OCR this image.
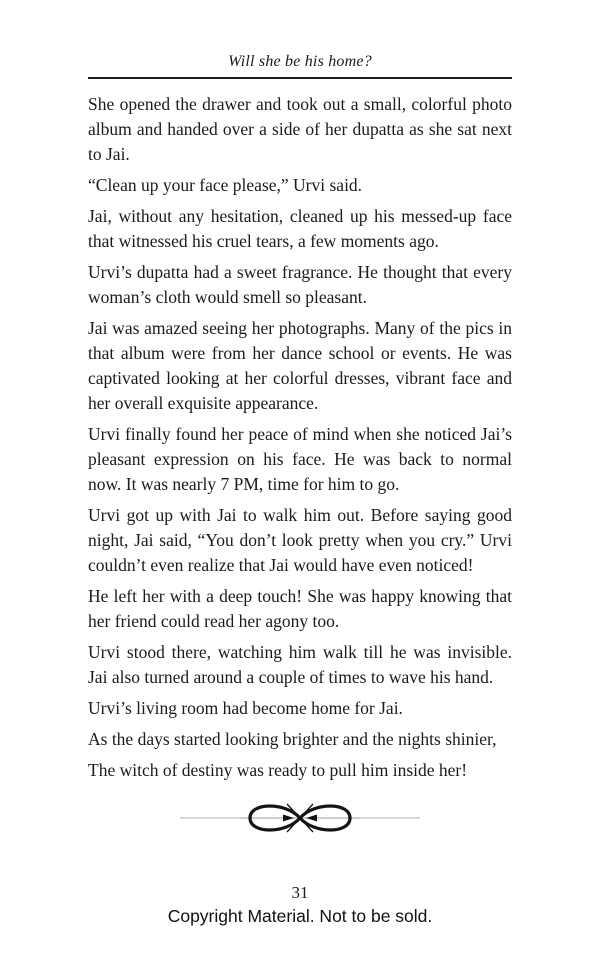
Will she be his home?

She opened the drawer and took out a small, colorful photo album and handed over a side of her dupatta as she sat next to Jai.

“Clean up your face please,” Urvi said.

Jai, without any hesitation, cleaned up his messed-up face that witnessed his cruel tears, a few moments ago.

Urvi’s dupatta had a sweet fragrance. He thought that every woman’s cloth would smell so pleasant.

Jai was amazed seeing her photographs. Many of the pics in that album were from her dance school or events. He was captivated looking at her colorful dresses, vibrant face and her overall exquisite appearance.

Urvi finally found her peace of mind when she noticed Jai’s pleasant expression on his face. He was back to normal now. It was nearly 7 PM, time for him to go.

Urvi got up with Jai to walk him out. Before saying good night, Jai said, “You don’t look pretty when you cry.” Urvi couldn’t even realize that Jai would have even noticed!

He left her with a deep touch! She was happy knowing that her friend could read her agony too.

Urvi stood there, watching him walk till he was invisible. Jai also turned around a couple of times to wave his hand.

Urvi’s living room had become home for Jai.

As the days started looking brighter and the nights shinier,

The witch of destiny was ready to pull him inside her!

31
Copyright Material. Not to be sold.
